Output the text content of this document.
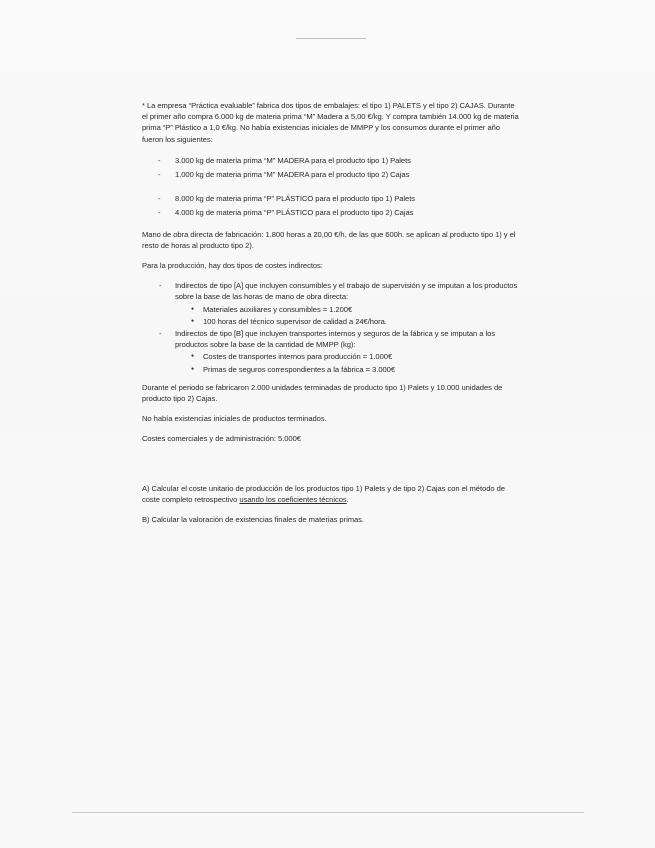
* La empresa “Práctica evaluable” fabrica dos tipos de embalajes: el tipo 1) PALETS y el tipo 2) CAJAS. Durante el primer año compra 6.000 kg de materia prima “M” Madera a 5,00 €/kg. Y compra también 14.000 kg de materia prima “P” Plástico a 1,0 €/kg. No había existencias iniciales de MMPP y los consumos durante el primer año fueron los siguientes:

- 3.000 kg de materia prima “M” MADERA para el producto tipo 1) Palets
- 1.000 kg de materia prima “M” MADERA para el producto tipo 2) Cajas
- 8.000 kg de materia prima “P” PLÁSTICO para el producto tipo 1) Palets
- 4.000 kg de materia prima “P” PLÁSTICO para el producto tipo 2) Cajas

Mano de obra directa de fabricación: 1.800 horas a 20,00 €/h, de las que 600h. se aplican al producto tipo 1) y el resto de horas al producto tipo 2).

Para la producción, hay dos tipos de costes indirectos:

- Indirectos de tipo [A] que incluyen consumibles y el trabajo de supervisión y se imputan a los productos sobre la base de las horas de mano de obra directa:
● Materiales auxiliares y consumibles = 1.200€
● 100 horas del técnico supervisor de calidad a 24€/hora.
- Indirectos de tipo [B] que incluyen transportes internos y seguros de la fábrica y se imputan a los productos sobre la base de la cantidad de MMPP (kg):
● Costes de transportes internos para producción = 1.000€
● Primas de seguros correspondientes a la fábrica = 3.000€

Durante el periodo se fabricaron 2.000 unidades terminadas de producto tipo 1) Palets y 10.000 unidades de producto tipo 2) Cajas.

No había existencias iniciales de productos terminados.

Costes comerciales y de administración: 5.000€

A) Calcular el coste unitario de producción de los productos tipo 1) Palets y de tipo 2) Cajas con el método de coste completo retrospectivo usando los coeficientes técnicos.

B) Calcular la valoración de existencias finales de materias primas.
